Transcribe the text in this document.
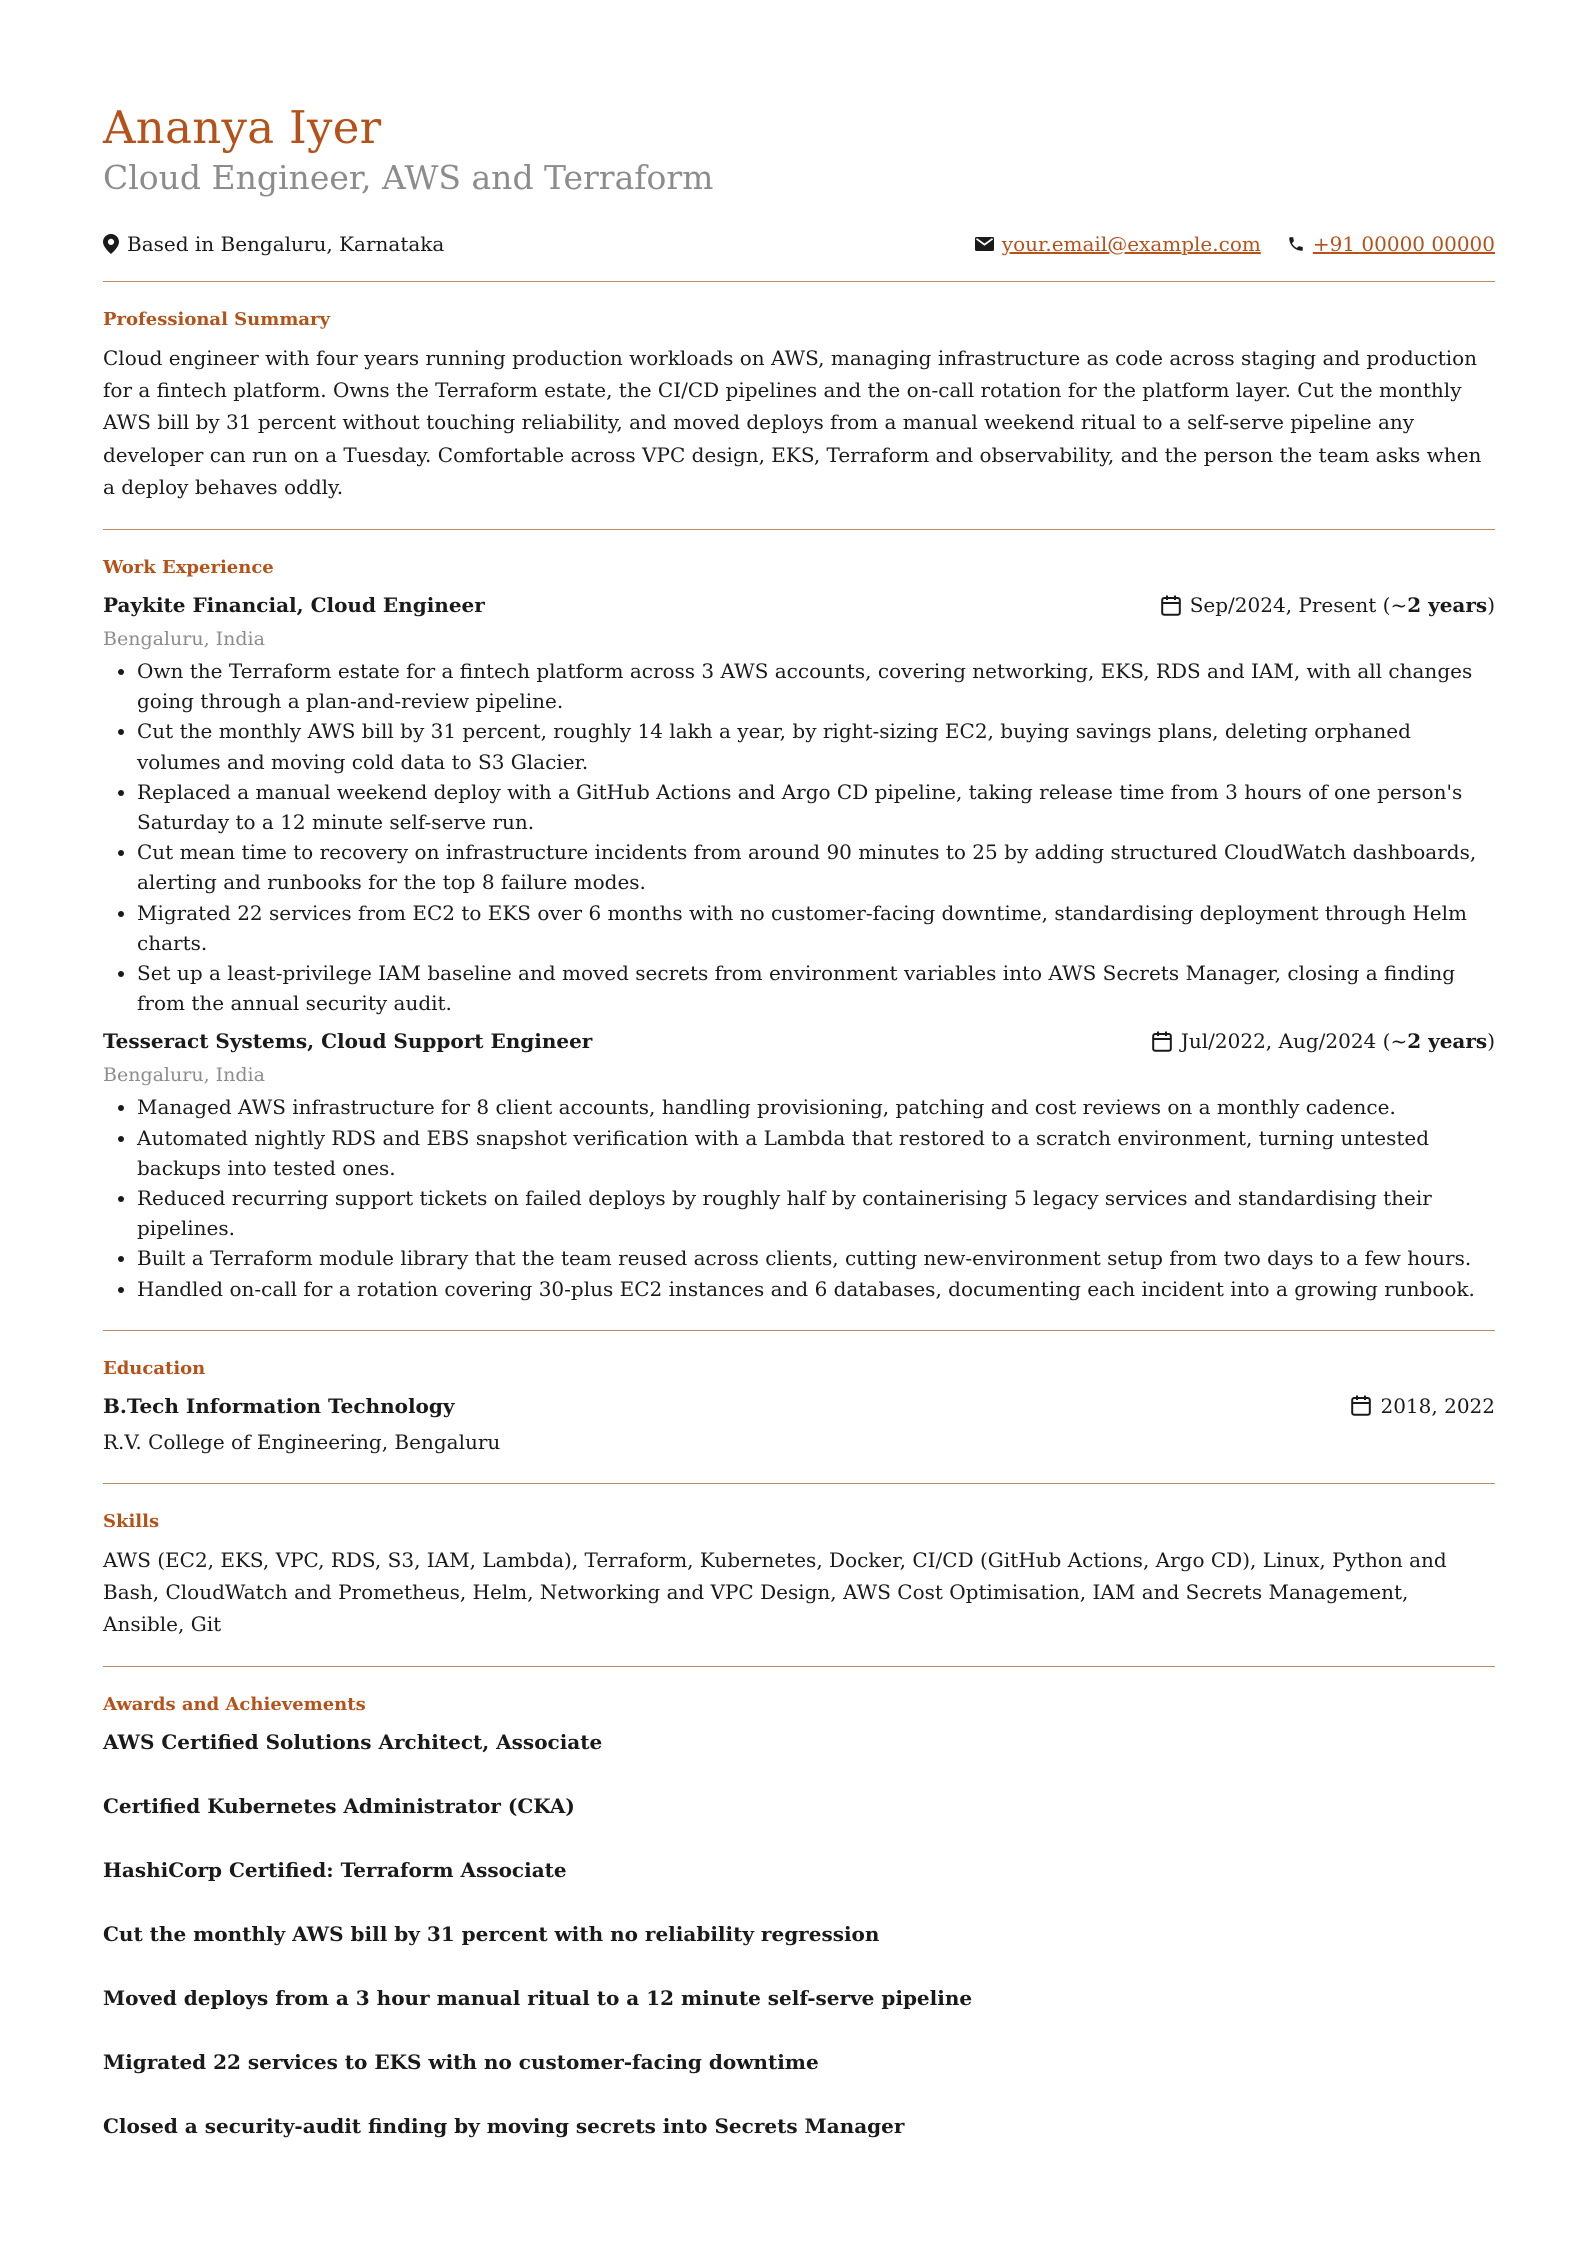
Ananya Iyer
Cloud Engineer, AWS and Terraform
Based in Bengaluru, Karnataka	your.email@example.com	+91 00000 00000
Professional Summary
Cloud engineer with four years running production workloads on AWS, managing infrastructure as code across staging and production for a fintech platform. Owns the Terraform estate, the CI/CD pipelines and the on-call rotation for the platform layer. Cut the monthly AWS bill by 31 percent without touching reliability, and moved deploys from a manual weekend ritual to a self-serve pipeline any developer can run on a Tuesday. Comfortable across VPC design, EKS, Terraform and observability, and the person the team asks when a deploy behaves oddly.
Work Experience
Paykite Financial, Cloud Engineer	Sep/2024, Present (~ 2 years )
Bengaluru, India
• Own the Terraform estate for a fintech platform across 3 AWS accounts, covering networking, EKS, RDS and IAM, with all changes going through a plan-and-review pipeline.
• Cut the monthly AWS bill by 31 percent, roughly 14 lakh a year, by right-sizing EC2, buying savings plans, deleting orphaned volumes and moving cold data to S3 Glacier.
• Replaced a manual weekend deploy with a GitHub Actions and Argo CD pipeline, taking release time from 3 hours of one person's Saturday to a 12 minute self-serve run.
• Cut mean time to recovery on infrastructure incidents from around 90 minutes to 25 by adding structured CloudWatch dashboards, alerting and runbooks for the top 8 failure modes.
• Migrated 22 services from EC2 to EKS over 6 months with no customer-facing downtime, standardising deployment through Helm charts.
• Set up a least-privilege IAM baseline and moved secrets from environment variables into AWS Secrets Manager, closing a finding from the annual security audit.
Tesseract Systems, Cloud Support Engineer	Jul/2022, Aug/2024 (~ 2 years )
Bengaluru, India
• Managed AWS infrastructure for 8 client accounts, handling provisioning, patching and cost reviews on a monthly cadence.
• Automated nightly RDS and EBS snapshot verification with a Lambda that restored to a scratch environment, turning untested backups into tested ones.
• Reduced recurring support tickets on failed deploys by roughly half by containerising 5 legacy services and standardising their pipelines.
• Built a Terraform module library that the team reused across clients, cutting new-environment setup from two days to a few hours.
• Handled on-call for a rotation covering 30-plus EC2 instances and 6 databases, documenting each incident into a growing runbook.
Education
B.Tech Information Technology	2018, 2022
R.V. College of Engineering, Bengaluru
Skills
AWS (EC2, EKS, VPC, RDS, S3, IAM, Lambda), Terraform, Kubernetes, Docker, CI/CD (GitHub Actions, Argo CD), Linux, Python and Bash, CloudWatch and Prometheus, Helm, Networking and VPC Design, AWS Cost Optimisation, IAM and Secrets Management, Ansible, Git
Awards and Achievements
AWS Certified Solutions Architect, Associate
Certified Kubernetes Administrator (CKA)
HashiCorp Certified: Terraform Associate
Cut the monthly AWS bill by 31 percent with no reliability regression
Moved deploys from a 3 hour manual ritual to a 12 minute self-serve pipeline
Migrated 22 services to EKS with no customer-facing downtime
Closed a security-audit finding by moving secrets into Secrets Manager
